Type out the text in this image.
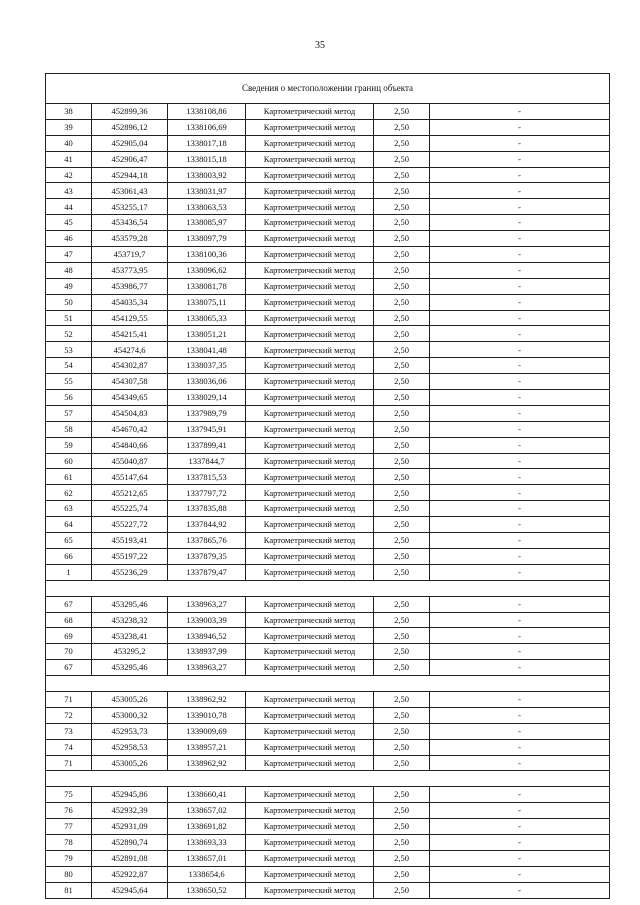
35
Сведения о местоположении границ объекта					
38	452899,36	1338108,86	Картометрический метод	2,50	-
39	452896,12	1338106,69	Картометрический метод	2,50	-
40	452905,04	1338017,18	Картометрический метод	2,50	-
41	452906,47	1338015,18	Картометрический метод	2,50	-
42	452944,18	1338003,92	Картометрический метод	2,50	-
43	453061,43	1338031,97	Картометрический метод	2,50	-
44	453255,17	1338063,53	Картометрический метод	2,50	-
45	453436,54	1338085,97	Картометрический метод	2,50	-
46	453579,28	1338097,79	Картометрический метод	2,50	-
47	453719,7	1338100,36	Картометрический метод	2,50	-
48	453773,95	1338096,62	Картометрический метод	2,50	-
49	453986,77	1338081,78	Картометрический метод	2,50	-
50	454035,34	1338075,11	Картометрический метод	2,50	-
51	454129,55	1338065,33	Картометрический метод	2,50	-
52	454215,41	1338051,21	Картометрический метод	2,50	-
53	454274,6	1338041,48	Картометрический метод	2,50	-
54	454302,87	1338037,35	Картометрический метод	2,50	-
55	454307,58	1338036,06	Картометрический метод	2,50	-
56	454349,65	1338029,14	Картометрический метод	2,50	-
57	454504,83	1337989,79	Картометрический метод	2,50	-
58	454670,42	1337945,91	Картометрический метод	2,50	-
59	454840,66	1337899,41	Картометрический метод	2,50	-
60	455040,87	1337844,7	Картометрический метод	2,50	-
61	455147,64	1337815,53	Картометрический метод	2,50	-
62	455212,65	1337797,72	Картометрический метод	2,50	-
63	455225,74	1337835,88	Картометрический метод	2,50	-
64	455227,72	1337844,92	Картометрический метод	2,50	-
65	455193,41	1337865,76	Картометрический метод	2,50	-
66	455197,22	1337879,35	Картометрический метод	2,50	-
1	455236,29	1337879,47	Картометрический метод	2,50	-

67	453295,46	1338963,27	Картометрический метод	2,50	-
68	453238,32	1339003,39	Картометрический метод	2,50	-
69	453238,41	1338946,52	Картометрический метод	2,50	-
70	453295,2	1338937,99	Картометрический метод	2,50	-
67	453295,46	1338963,27	Картометрический метод	2,50	-

71	453005,26	1338962,92	Картометрический метод	2,50	-
72	453000,32	1339010,78	Картометрический метод	2,50	-
73	452953,73	1339009,69	Картометрический метод	2,50	-
74	452958,53	1338957,21	Картометрический метод	2,50	-
71	453005,26	1338962,92	Картометрический метод	2,50	-

75	452945,86	1338660,41	Картометрический метод	2,50	-
76	452932,39	1338657,02	Картометрический метод	2,50	-
77	452931,09	1338691,82	Картометрический метод	2,50	-
78	452890,74	1338693,33	Картометрический метод	2,50	-
79	452891,08	1338657,01	Картометрический метод	2,50	-
80	452922,87	1338654,6	Картометрический метод	2,50	-
81	452945,64	1338650,52	Картометрический метод	2,50	-
